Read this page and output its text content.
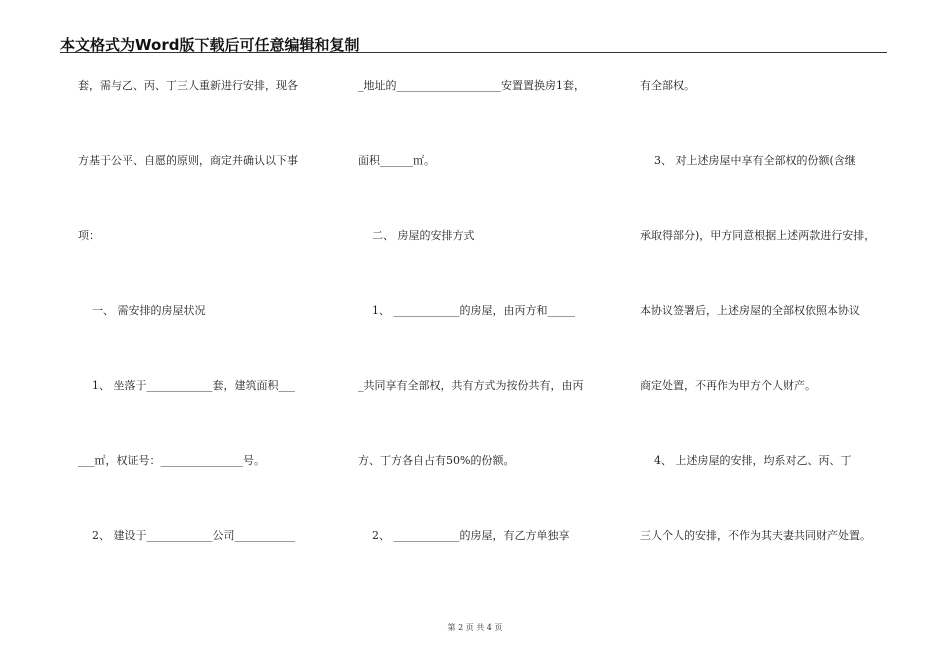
本文格式为Word版下载后可任意编辑和复制
套，需与乙、丙、丁三人重新进行安排，现各
方基于公平、自愿的原则，商定并确认以下事
项：
一、 需安排的房屋状况
1、 坐落于____________套，建筑面积___
___㎡，权证号：_______________号。
2、 建设于____________公司___________
_地址的___________________安置置换房1套，
面积______㎡。
二、 房屋的安排方式
1、 ____________的房屋，由丙方和_____
_共同享有全部权，共有方式为按份共有，由丙
方、丁方各自占有50%的份额。
2、 ____________的房屋，有乙方单独享
有全部权。
3、 对上述房屋中享有全部权的份额(含继
承取得部分)，甲方同意根据上述两款进行安排，
本协议签署后，上述房屋的全部权依照本协议
商定处置，不再作为甲方个人财产。
4、 上述房屋的安排，均系对乙、丙、丁
三人个人的安排，不作为其夫妻共同财产处置。
第 2 页 共 4 页
